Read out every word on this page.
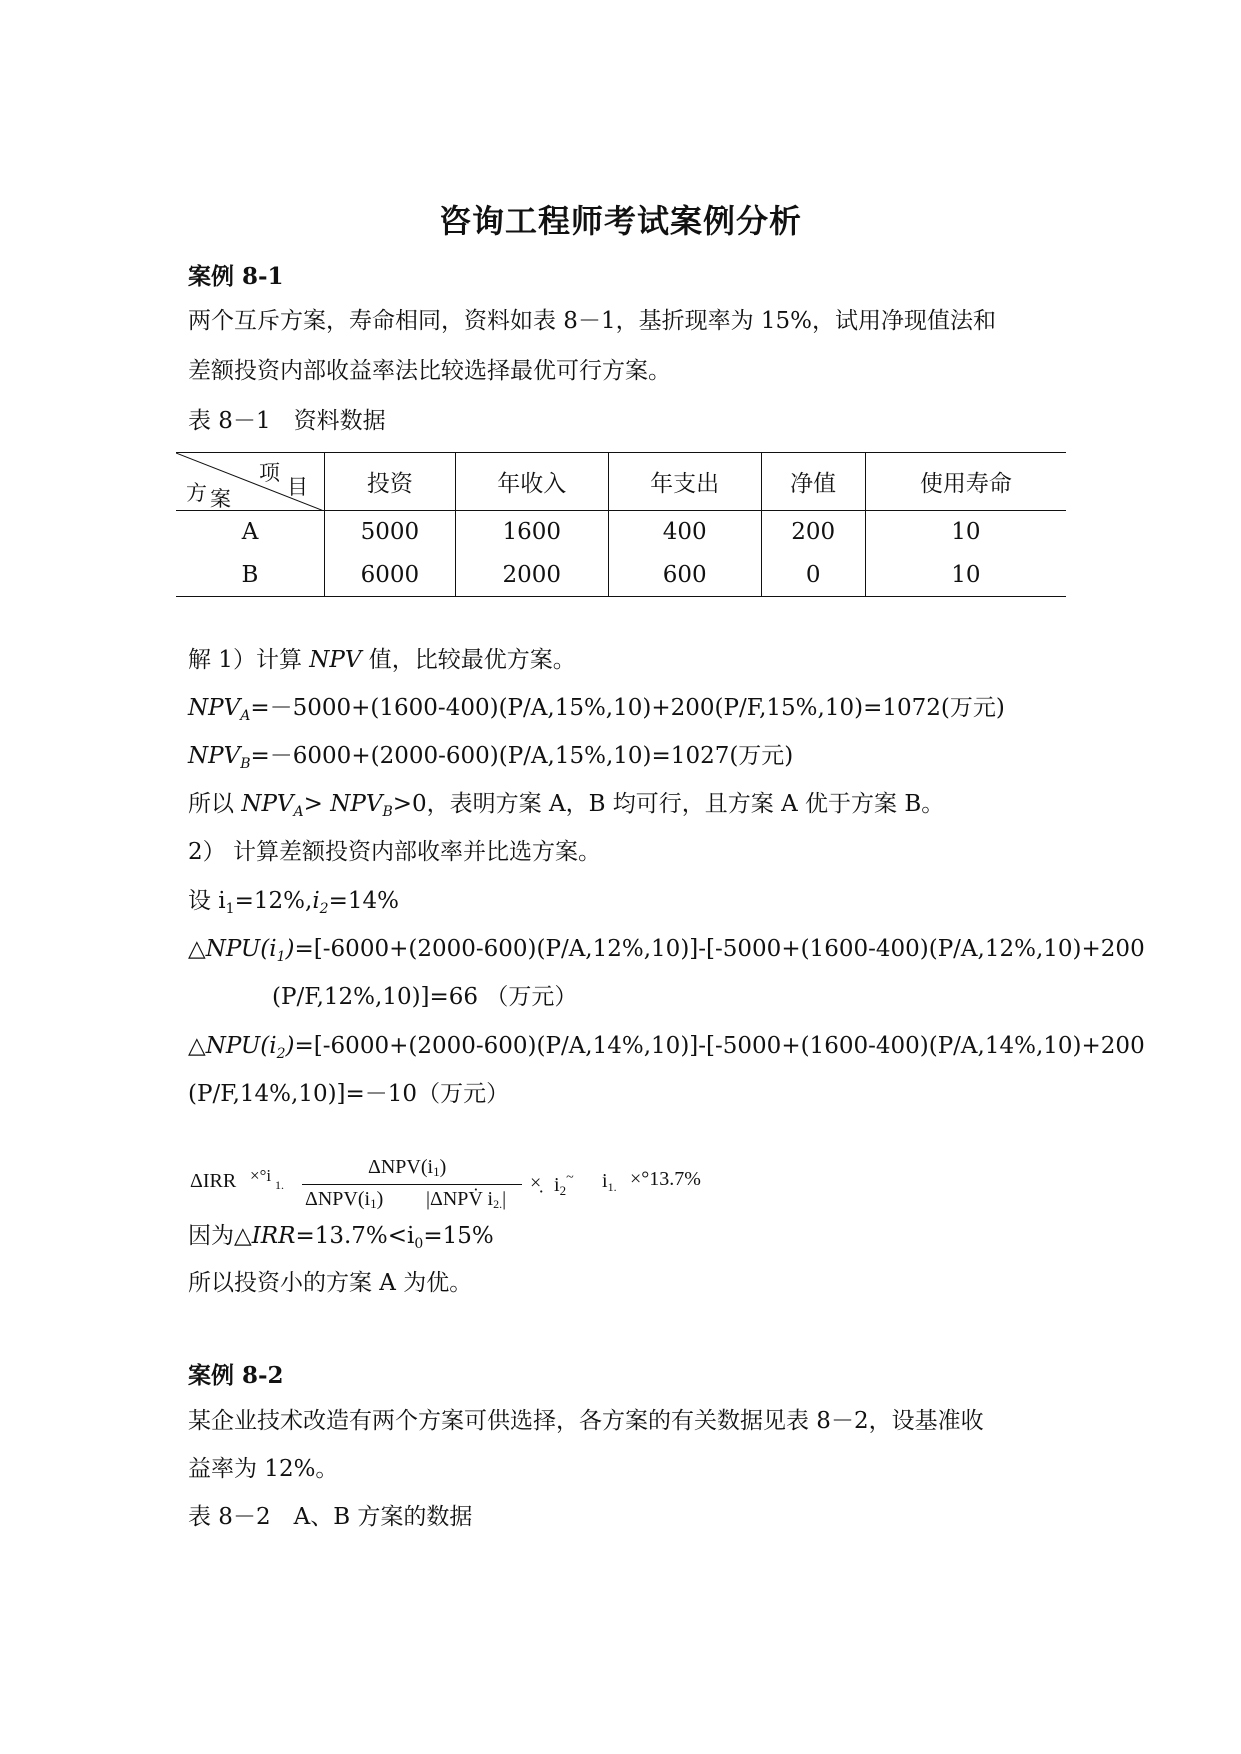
咨询工程师考试案例分析
案例 8-1
两个互斥方案，寿命相同，资料如表 8－1，基折现率为 15%，试用净现值法和
差额投资内部收益率法比较选择最优可行方案。
表 8－1　资料数据
项
目
方 案	投资	年收入	年支出	净值	使用寿命
A	5000	1600	400	200	10
B	6000	2000	600	0	10
解 1）计算 NPV 值，比较最优方案。
$NPV_A=-5000+(1600-400)(P/A,15\%,10)+200(P/F,15\%,10)=1072$(万元)
$NPV_B=-6000+(2000-600)(P/A,15\%,10)=1027$(万元)
所以 $NPV_A> NPV_B>0$，表明方案 A，B 均可行，且方案 A 优于方案 B。
2） 计算差额投资内部收率并比选方案。
设 $i_1=12\%,i_2=14\%$
$\triangle NPU(i_1)=[-6000+(2000-600)(P/A,12\%,10)]-[-5000+(1600-400)(P/A,12\%,10)+200$
(P/F,12%,10)]=66 （万元）
$\triangle NPU(i_2)=[-6000+(2000-600)(P/A,14\%,10)]-[-5000+(1600-400)(P/A,14\%,10)+200$
(P/F,14%,10)]=－10（万元）
ΔIRR ×°i 1.
ΔNPV(i1)
ΔNPV(i1) |ΔNPV̇ i2.|
×̣ $i_2^\sim$ $i_{1.} \times^\circ 13.7\%$
因为$\triangle IRR=13.7\%<i_0=15\%$
所以投资小的方案 A 为优。
案例 8-2
某企业技术改造有两个方案可供选择，各方案的有关数据见表 8－2，设基准收
益率为 12%。
表 8－2　A、B 方案的数据
